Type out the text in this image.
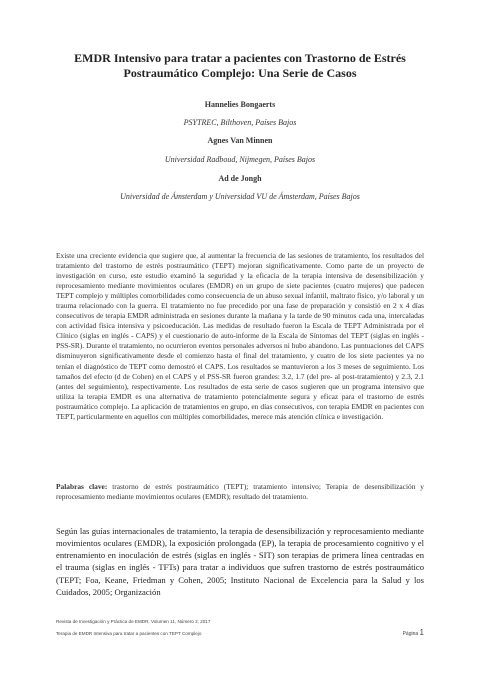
EMDR Intensivo para tratar a pacientes con Trastorno de Estrés Postraumático Complejo: Una Serie de Casos
Hannelies Bongaerts
PSYTREC, Bilthoven, Países Bajos
Agnes Van Minnen
Universidad Radboud, Nijmegen, Países Bajos
Ad de Jongh
Universidad de Ámsterdam y Universidad VU de Ámsterdam, Países Bajos
Existe una creciente evidencia que sugiere que, al aumentar la frecuencia de las sesiones de tratamiento, los resultados del tratamiento del trastorno de estrés postraumático (TEPT) mejoran significativamente. Como parte de un proyecto de investigación en curso, este estudio examinó la seguridad y la eficacia de la terapia intensiva de desensibilización y reprocesamiento mediante movimientos oculares (EMDR) en un grupo de siete pacientes (cuatro mujeres) que padecen TEPT complejo y múltiples comorbilidades como consecuencia de un abuso sexual infantil, maltrato físico, y/o laboral y un trauma relacionado con la guerra. El tratamiento no fue precedido por una fase de preparación y consistió en 2 x 4 días consecutivos de terapia EMDR administrada en sesiones durante la mañana y la tarde de 90 minutos cada una, intercaladas con actividad física intensiva y psicoeducación. Las medidas de resultado fueron la Escala de TEPT Administrada por el Clínico (siglas en inglés - CAPS) y el cuestionario de auto-informe de la Escala de Síntomas del TEPT (siglas en inglés - PSS-SR). Durante el tratamiento, no ocurrieron eventos personales adversos ni hubo abandono. Las puntuaciones del CAPS disminuyeron significativamente desde el comienzo hasta el final del tratamiento, y cuatro de los siete pacientes ya no tenían el diagnóstico de TEPT como demostró el CAPS. Los resultados se mantuvieron a los 3 meses de seguimiento. Los tamaños del efecto (d de Cohen) en el CAPS y el PSS-SR fueron grandes: 3.2, 1.7 (del pre- al post-tratamiento) y 2.3, 2.1 (antes del seguimiento), respectivamente. Los resultados de esta serie de casos sugieren que un programa intensivo que utiliza la terapia EMDR es una alternativa de tratamiento potencialmente segura y eficaz para el trastorno de estrés postraumático complejo. La aplicación de tratamientos en grupo, en días consecutivos, con terapia EMDR en pacientes con TEPT, particularmente en aquellos con múltiples comorbilidades, merece más atención clínica e investigación.
Palabras clave: trastorno de estrés postraumático (TEPT); tratamiento intensivo; Terapia de desensibilización y reprocesamiento mediante movimientos oculares (EMDR); resultado del tratamiento.
Según las guías internacionales de tratamiento, la terapia de desensibilización y reprocesamiento mediante movimientos oculares (EMDR), la exposición prolongada (EP), la terapia de procesamiento cognitivo y el entrenamiento en inoculación de estrés (siglas en inglés - SIT) son terapias de primera línea centradas en el trauma (siglas en inglés - TFTs) para tratar a individuos que sufren trastorno de estrés postraumático (TEPT; Foa, Keane, Friedman y Cohen, 2005; Instituto Nacional de Excelencia para la Salud y los Cuidados, 2005; Organización
Revista de Investigación y Práctica de EMDR, Volumen 11, Número 2, 2017
Terapia de EMDR Intensiva para tratar a pacientes con TEPT Complejo	Página 1
